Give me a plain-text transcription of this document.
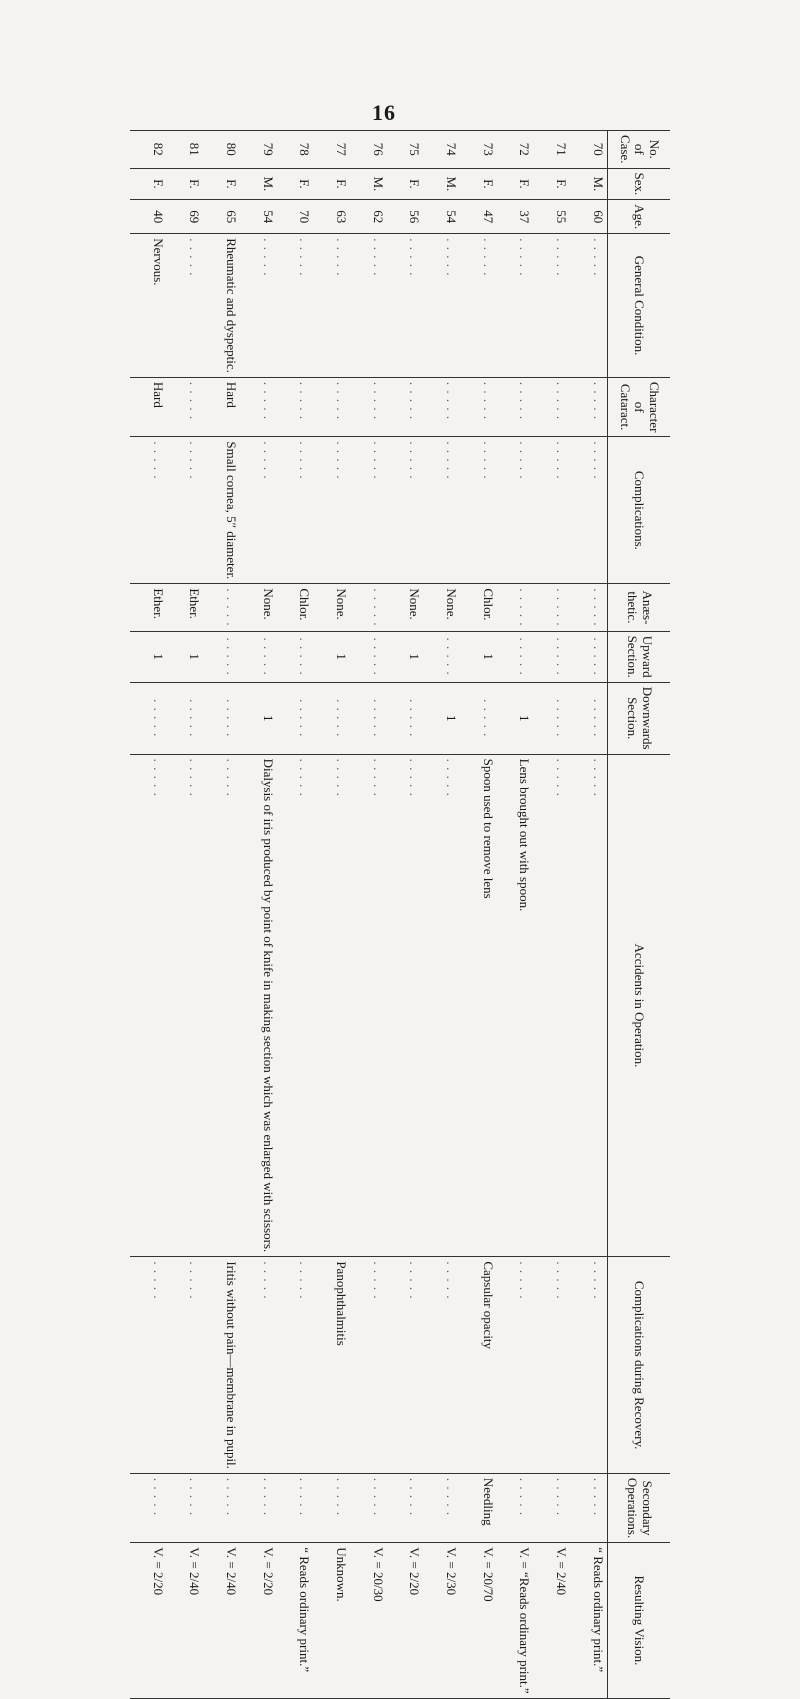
16
No. of Case.	Sex.	Age.	General Condition.	Character of Cataract.	Complications.	Anæs-thetic.	Upward Section.	Downwards Section.	Accidents in Operation.	Complications during Recovery.	Secondary Operations.	Resulting Vision.
70	M.	60	. . . . .	. . . . .	. . . . .	. . . . .	. . . . .	. . . . .	. . . . .	. . . . .	. . . . .	“ Reads ordinary print.”
71	F.	55	. . . . .	. . . . .	. . . . .	. . . . .	. . . . .	. . . . .	. . . . .	. . . . .	. . . . .	V. = 2/40
72	F.	37	. . . . .	. . . . .	. . . . .	. . . . .	. . . . .	1	Lens brought out with spoon.	. . . . .	. . . . .	V. = “Reads ordinary print.”
73	F.	47	. . . . .	. . . . .	. . . . .	Chlor.	1	. . . . .	Spoon used to remove lens	Capsular opacity	Needling	V. = 20/70
74	M.	54	. . . . .	. . . . .	. . . . .	None.	. . . . .	1	. . . . .	. . . . .	. . . . .	V. = 2/30
75	F.	56	. . . . .	. . . . .	. . . . .	None.	1	. . . . .	. . . . .	. . . . .	. . . . .	V. = 2/20
76	M.	62	. . . . .	. . . . .	. . . . .	. . . . .	. . . . .	. . . . .	. . . . .	. . . . .	. . . . .	V. = 20/30
77	F.	63	. . . . .	. . . . .	. . . . .	None.	1	. . . . .	. . . . .	Panophthalmitis	. . . . .	Unknown.
78	F.	70	. . . . .	. . . . .	. . . . .	Chlor.	. . . . .	. . . . .	. . . . .	. . . . .	. . . . .	“ Reads ordinary print.”
79	M.	54	. . . . .	. . . . .	. . . . .	None.	. . . . .	1	Dialysis of iris produced by point of knife in making section which was enlarged with scissors.	. . . . .	. . . . .	V. = 2/20
80	F.	65	Rheumatic and dyspeptic.	Hard	Small cornea, 5″ diameter.	. . . . .	. . . . .	. . . . .	. . . . .	Iritis without pain—membrane in pupil.	. . . . .	V. = 2/40
81	F.	69	. . . . .	. . . . .	. . . . .	Ether.	1	. . . . .	. . . . .	. . . . .	. . . . .	V. = 2/40
82	F.	40	Nervous.	Hard	. . . . .	Ether.	1	. . . . .	. . . . .	. . . . .	. . . . .	V. = 2/20
